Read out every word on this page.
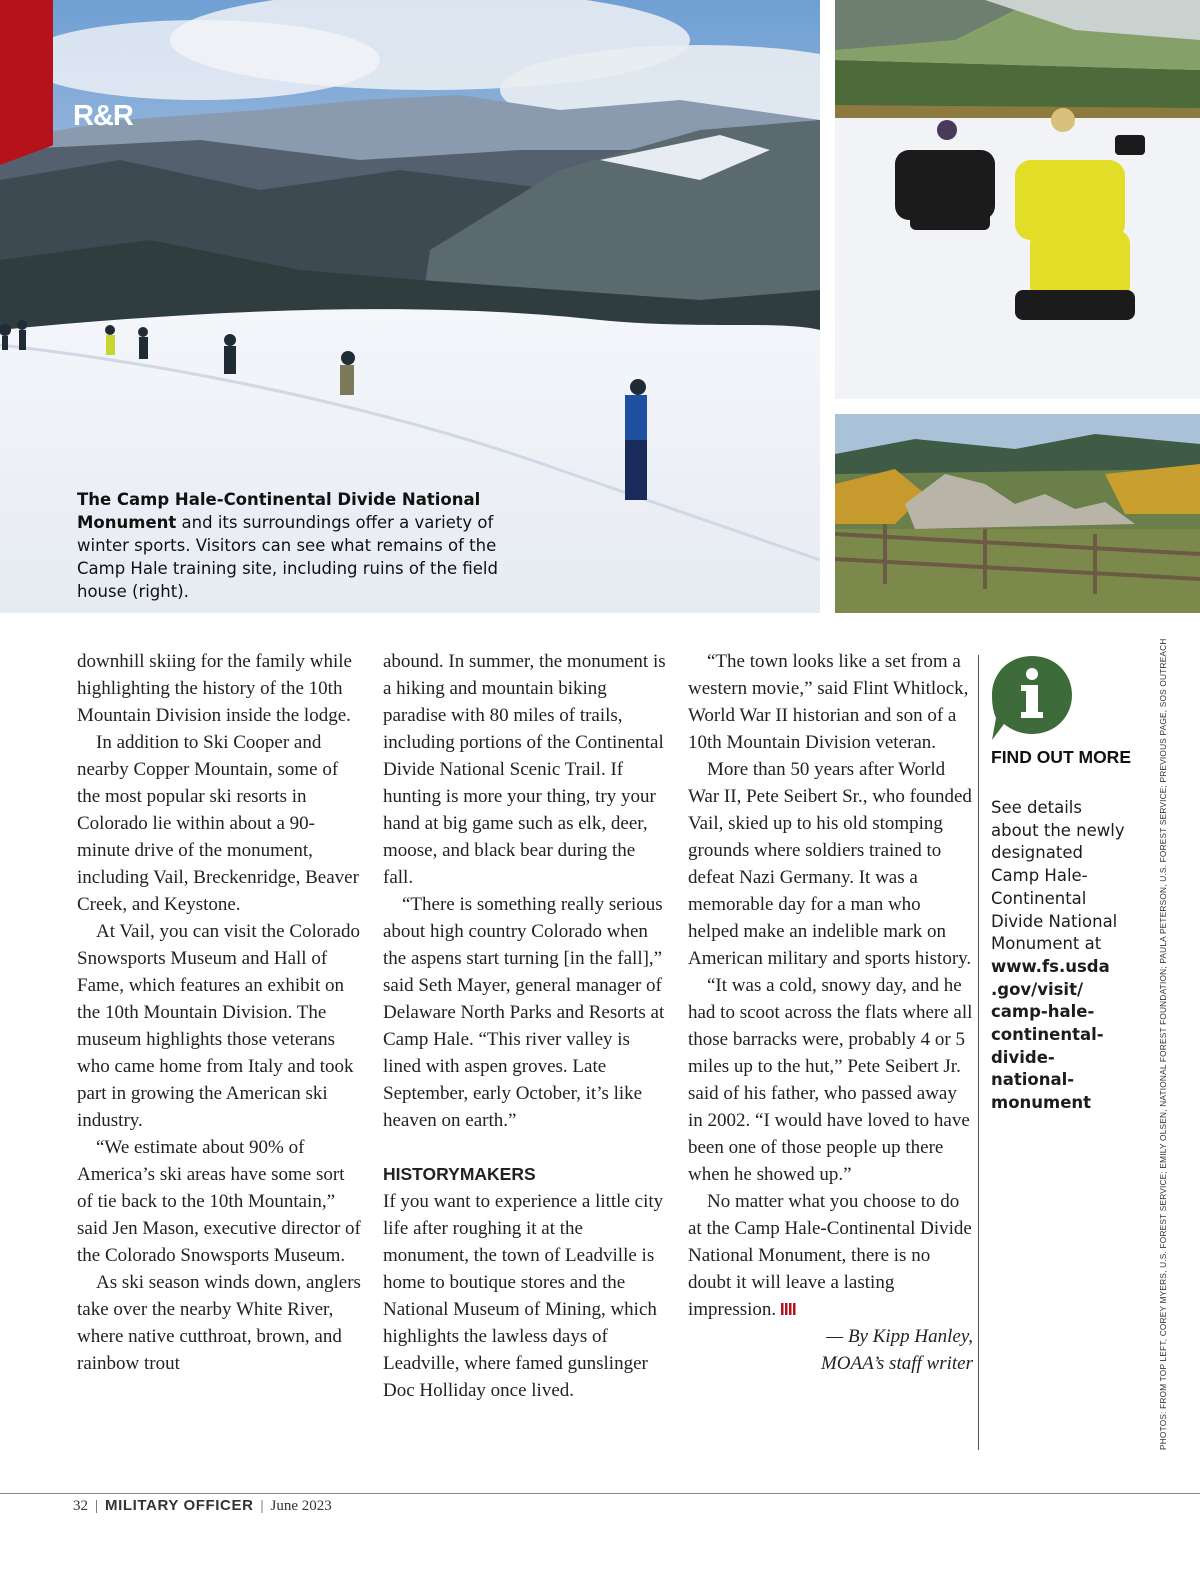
R&R
The Camp Hale-Continental Divide National Monument and its surroundings offer a variety of winter sports. Visitors can see what remains of the Camp Hale training site, including ruins of the field house (right).

downhill skiing for the family while highlighting the history of the 10th Mountain Division inside the lodge.

In addition to Ski Cooper and nearby Copper Mountain, some of the most popular ski resorts in Colorado lie within about a 90-minute drive of the monument, including Vail, Breckenridge, Beaver Creek, and Keystone.

At Vail, you can visit the Colorado Snowsports Museum and Hall of Fame, which features an exhibit on the 10th Mountain Division. The museum highlights those veterans who came home from Italy and took part in growing the American ski industry.

“We estimate about 90% of America’s ski areas have some sort of tie back to the 10th Mountain,” said Jen Mason, executive director of the Colorado Snowsports Museum.

As ski season winds down, anglers take over the nearby White River, where native cutthroat, brown, and rainbow trout

abound. In summer, the monument is a hiking and mountain biking paradise with 80 miles of trails, including portions of the Continental Divide National Scenic Trail. If hunting is more your thing, try your hand at big game such as elk, deer, moose, and black bear during the fall.

“There is something really serious about high country Colorado when the aspens start turning [in the fall],” said Seth Mayer, general manager of Delaware North Parks and Resorts at Camp Hale. “This river valley is lined with aspen groves. Late September, early October, it’s like heaven on earth.”

HISTORYMAKERS

If you want to experience a little city life after roughing it at the monument, the town of Leadville is home to boutique stores and the National Museum of Mining, which highlights the lawless days of Leadville, where famed gunslinger Doc Holliday once lived.

“The town looks like a set from a western movie,” said Flint Whitlock, World War II historian and son of a 10th Mountain Division veteran.

More than 50 years after World War II, Pete Seibert Sr., who founded Vail, skied up to his old stomping grounds where soldiers trained to defeat Nazi Germany. It was a memorable day for a man who helped make an indelible mark on American military and sports history.

“It was a cold, snowy day, and he had to scoot across the flats where all those barracks were, probably 4 or 5 miles up to the hut,” Pete Seibert Jr. said of his father, who passed away in 2002. “I would have loved to have been one of those people up there when he showed up.”

No matter what you choose to do at the Camp Hale-Continental Divide National Monument, there is no doubt it will leave a lasting impression.

— By Kipp Hanley,

MOAA’s staff writer

FIND OUT MORE
See details about the newly designated Camp Hale-Continental Divide National Monument at
www.fs.usda
.gov/visit/
camp-hale-
continental-
divide-national-
monument	PHOTOS: FROM TOP LEFT, COREY MYERS, U.S. FOREST SERVICE; EMILY OLSEN, NATIONAL FOREST FOUNDATION; PAULA PETERSON, U.S. FOREST SERVICE; PREVIOUS PAGE, SOS OUTREACH
32 | MILITARY OFFICER | June 2023
